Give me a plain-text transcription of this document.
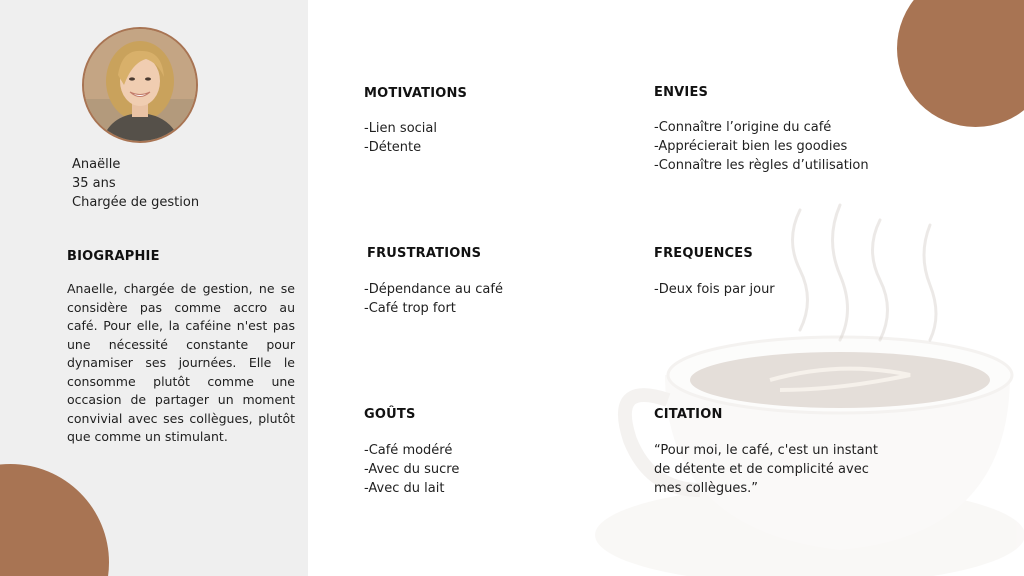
Anaëlle
35 ans
Chargée de gestion
BIOGRAPHIE
Anaelle, chargée de gestion, ne se considère pas comme accro au café. Pour elle, la caféine n'est pas une nécessité constante pour dynamiser ses journées. Elle le consomme plutôt comme une occasion de partager un moment convivial avec ses collègues, plutôt que comme un stimulant.
MOTIVATIONS
-Lien social
-Détente
ENVIES
-Connaître l’origine du café
-Apprécierait bien les goodies
-Connaître les règles d’utilisation
FRUSTRATIONS
-Dépendance au café
-Café trop fort
FREQUENCES
-Deux fois par jour
GOÛTS
-Café modéré
-Avec du sucre
-Avec du lait
CITATION
“Pour moi, le café, c'est un instant de détente et de complicité avec mes collègues.”
